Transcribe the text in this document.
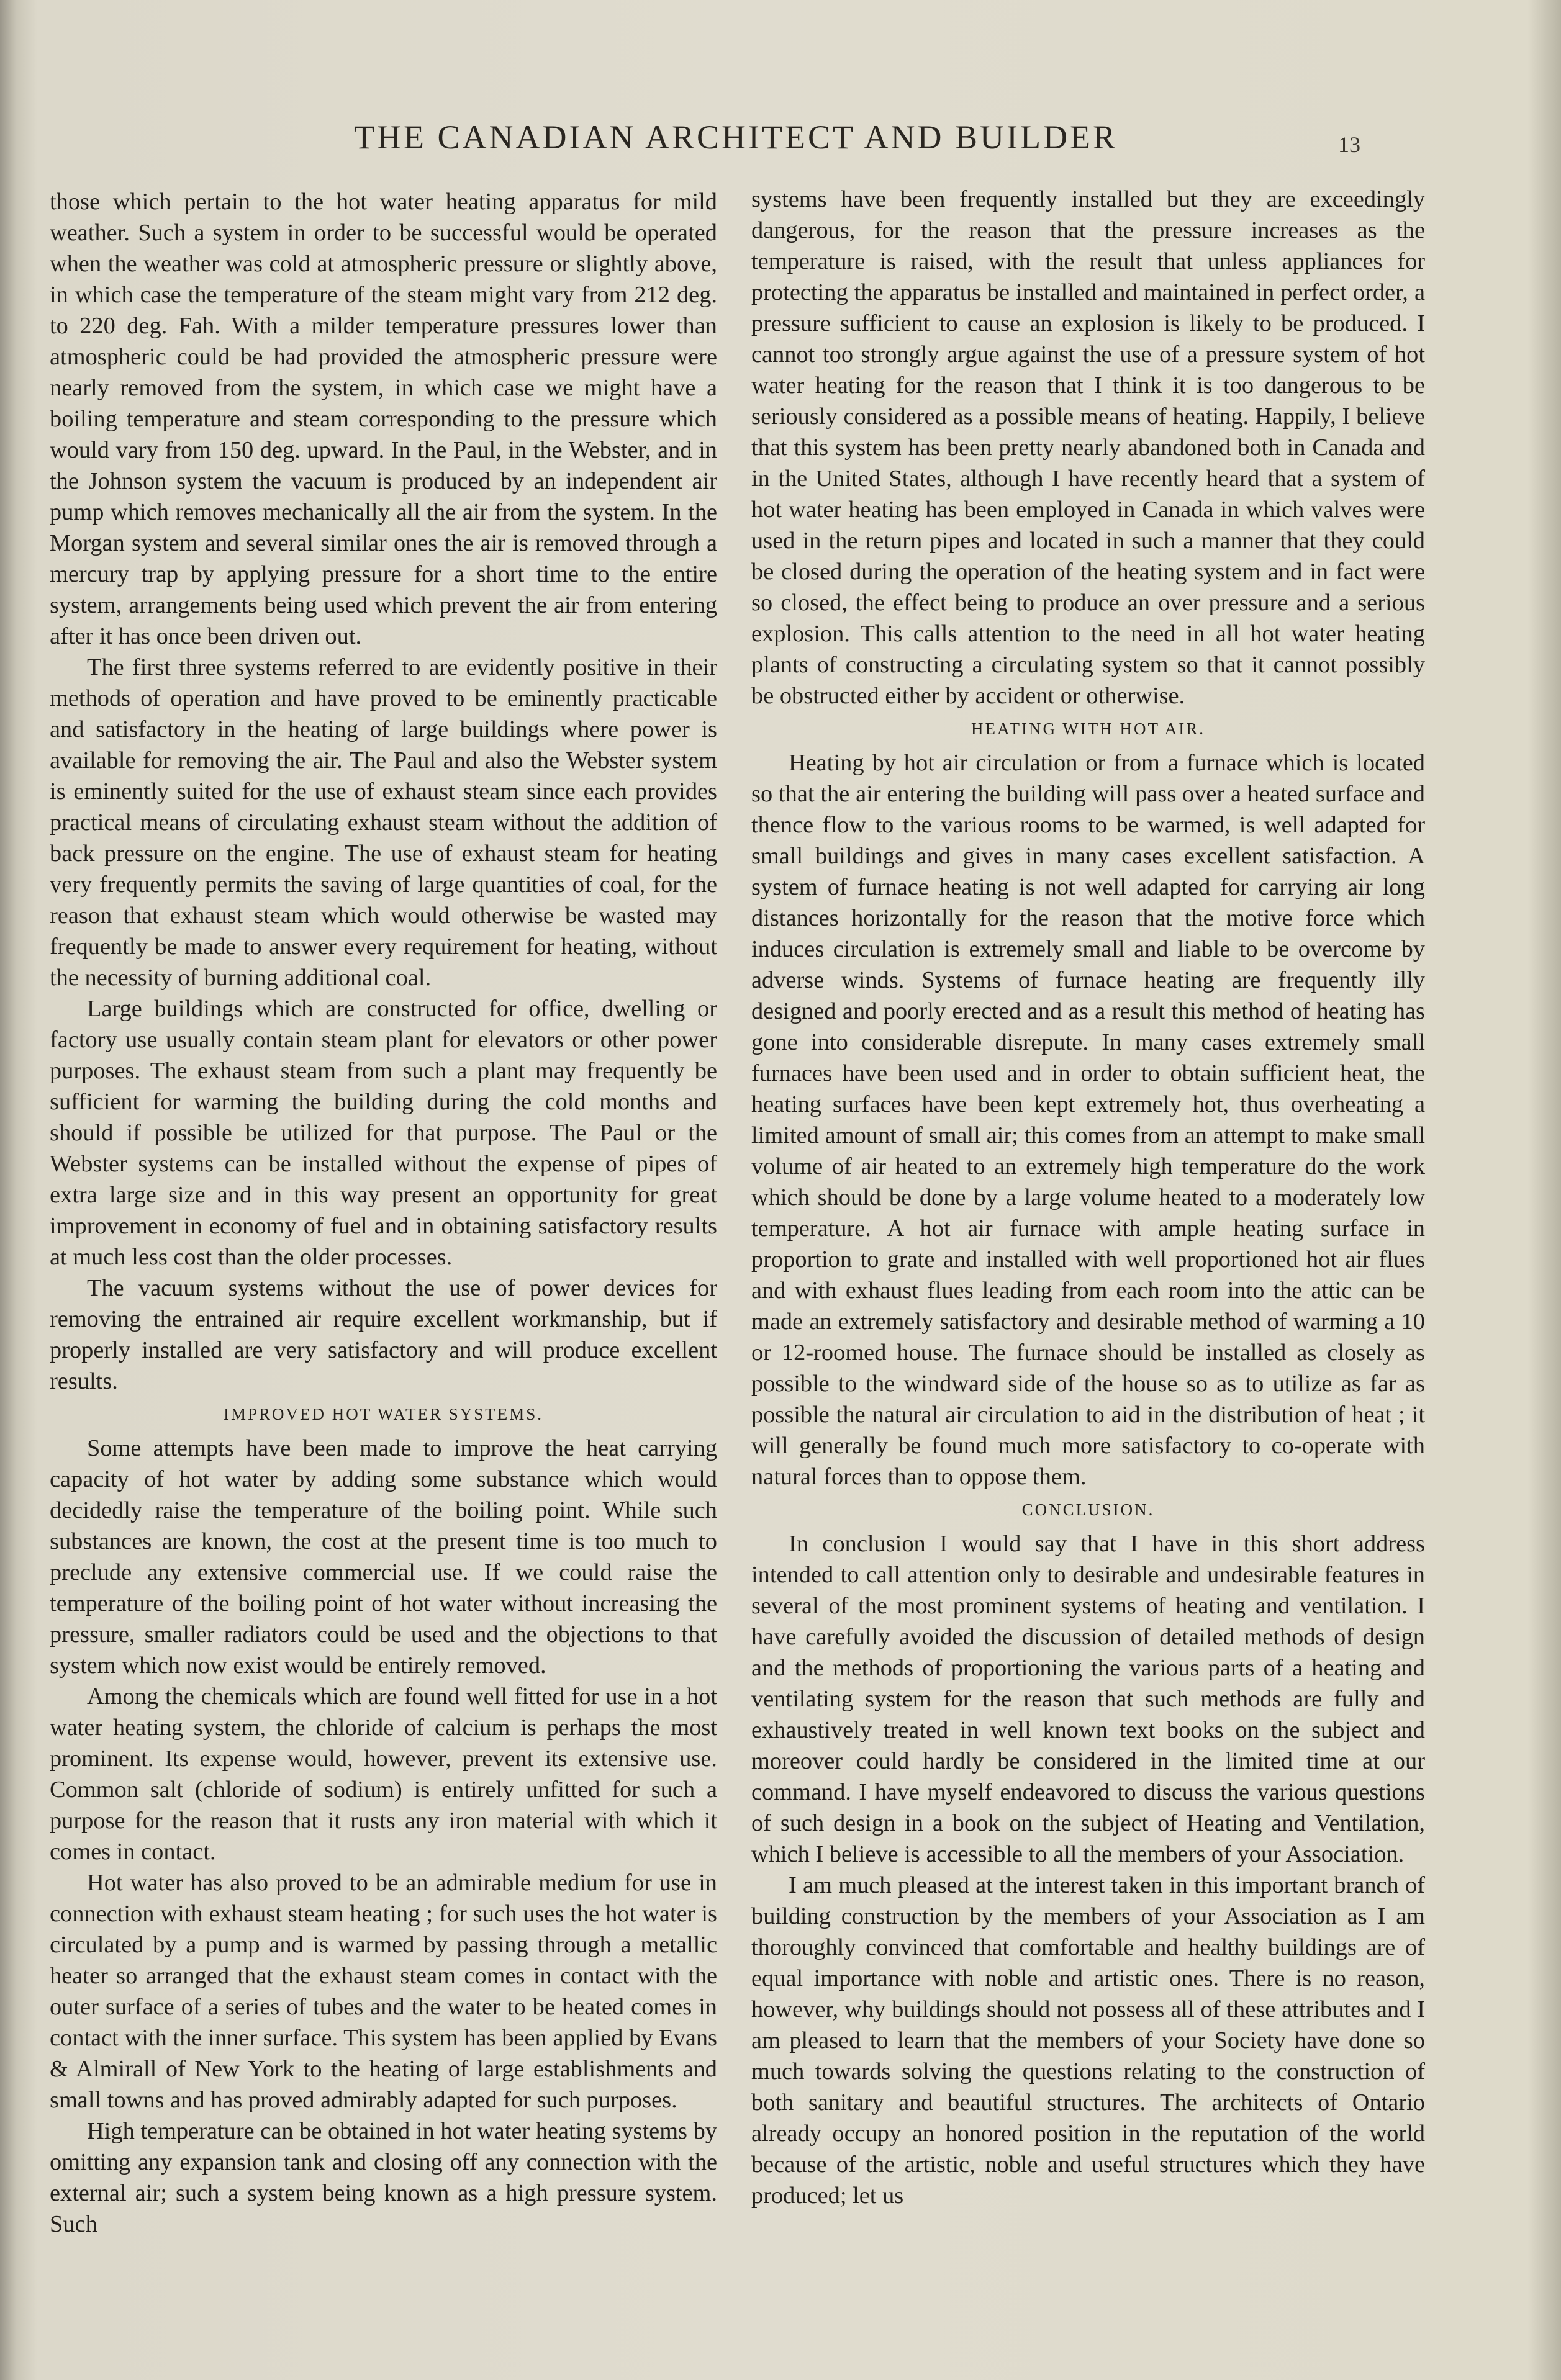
THE CANADIAN ARCHITECT AND BUILDER	13

those which pertain to the hot water heating apparatus for mild weather. Such a system in order to be successful would be operated when the weather was cold at atmospheric pressure or slightly above, in which case the temperature of the steam might vary from 212 deg. to 220 deg. Fah. With a milder temperature pressures lower than atmospheric could be had provided the atmospheric pressure were nearly removed from the system, in which case we might have a boiling temperature and steam corresponding to the pressure which would vary from 150 deg. upward. In the Paul, in the Webster, and in the Johnson system the vacuum is produced by an independent air pump which removes mechanically all the air from the system. In the Morgan system and several similar ones the air is removed through a mercury trap by applying pressure for a short time to the entire system, arrangements being used which prevent the air from entering after it has once been driven out.

The first three systems referred to are evidently positive in their methods of operation and have proved to be eminently practicable and satisfactory in the heating of large buildings where power is available for removing the air. The Paul and also the Webster system is eminently suited for the use of exhaust steam since each provides practical means of circulating exhaust steam without the addition of back pressure on the engine. The use of exhaust steam for heating very frequently permits the saving of large quantities of coal, for the reason that exhaust steam which would otherwise be wasted may frequently be made to answer every requirement for heating, without the necessity of burning additional coal.

Large buildings which are constructed for office, dwelling or factory use usually contain steam plant for elevators or other power purposes. The exhaust steam from such a plant may frequently be sufficient for warming the building during the cold months and should if possible be utilized for that purpose. The Paul or the Webster systems can be installed without the expense of pipes of extra large size and in this way present an opportunity for great improvement in economy of fuel and in obtaining satisfactory results at much less cost than the older processes.

The vacuum systems without the use of power devices for removing the entrained air require excellent workmanship, but if properly installed are very satisfactory and will produce excellent results.

IMPROVED HOT WATER SYSTEMS.

Some attempts have been made to improve the heat carrying capacity of hot water by adding some substance which would decidedly raise the temperature of the boiling point. While such substances are known, the cost at the present time is too much to preclude any extensive commercial use. If we could raise the temperature of the boiling point of hot water without increasing the pressure, smaller radiators could be used and the objections to that system which now exist would be entirely removed.

Among the chemicals which are found well fitted for use in a hot water heating system, the chloride of calcium is perhaps the most prominent. Its expense would, however, prevent its extensive use. Common salt (chloride of sodium) is entirely unfitted for such a purpose for the reason that it rusts any iron material with which it comes in contact.

Hot water has also proved to be an admirable medium for use in connection with exhaust steam heating ; for such uses the hot water is circulated by a pump and is warmed by passing through a metallic heater so arranged that the exhaust steam comes in contact with the outer surface of a series of tubes and the water to be heated comes in contact with the inner surface. This system has been applied by Evans & Almirall of New York to the heating of large establishments and small towns and has proved admirably adapted for such purposes.

High temperature can be obtained in hot water heating systems by omitting any expansion tank and closing off any connection with the external air; such a system being known as a high pressure system. Such

systems have been frequently installed but they are exceedingly dangerous, for the reason that the pressure increases as the temperature is raised, with the result that unless appliances for protecting the apparatus be installed and maintained in perfect order, a pressure sufficient to cause an explosion is likely to be produced. I cannot too strongly argue against the use of a pressure system of hot water heating for the reason that I think it is too dangerous to be seriously considered as a possible means of heating. Happily, I believe that this system has been pretty nearly abandoned both in Canada and in the United States, although I have recently heard that a system of hot water heating has been employed in Canada in which valves were used in the return pipes and located in such a manner that they could be closed during the operation of the heating system and in fact were so closed, the effect being to produce an over pressure and a serious explosion. This calls attention to the need in all hot water heating plants of constructing a circulating system so that it cannot possibly be obstructed either by accident or otherwise.

HEATING WITH HOT AIR.

Heating by hot air circulation or from a furnace which is located so that the air entering the building will pass over a heated surface and thence flow to the various rooms to be warmed, is well adapted for small buildings and gives in many cases excellent satisfaction. A system of furnace heating is not well adapted for carrying air long distances horizontally for the reason that the motive force which induces circulation is extremely small and liable to be overcome by adverse winds. Systems of furnace heating are frequently illy designed and poorly erected and as a result this method of heating has gone into considerable disrepute. In many cases extremely small furnaces have been used and in order to obtain sufficient heat, the heating surfaces have been kept extremely hot, thus overheating a limited amount of small air; this comes from an attempt to make small volume of air heated to an extremely high temperature do the work which should be done by a large volume heated to a moderately low temperature. A hot air furnace with ample heating surface in proportion to grate and installed with well proportioned hot air flues and with exhaust flues leading from each room into the attic can be made an extremely satisfactory and desirable method of warming a 10 or 12-roomed house. The furnace should be installed as closely as possible to the windward side of the house so as to utilize as far as possible the natural air circulation to aid in the distribution of heat ; it will generally be found much more satisfactory to co-operate with natural forces than to oppose them.

CONCLUSION.

In conclusion I would say that I have in this short address intended to call attention only to desirable and undesirable features in several of the most prominent systems of heating and ventilation. I have carefully avoided the discussion of detailed methods of design and the methods of proportioning the various parts of a heating and ventilating system for the reason that such methods are fully and exhaustively treated in well known text books on the subject and moreover could hardly be considered in the limited time at our command. I have myself endeavored to discuss the various questions of such design in a book on the subject of Heating and Ventilation, which I believe is accessible to all the members of your Association.

I am much pleased at the interest taken in this important branch of building construction by the members of your Association as I am thoroughly convinced that comfortable and healthy buildings are of equal importance with noble and artistic ones. There is no reason, however, why buildings should not possess all of these attributes and I am pleased to learn that the members of your Society have done so much towards solving the questions relating to the construction of both sanitary and beautiful structures. The architects of Ontario already occupy an honored position in the reputation of the world because of the artistic, noble and useful structures which they have produced; let us
